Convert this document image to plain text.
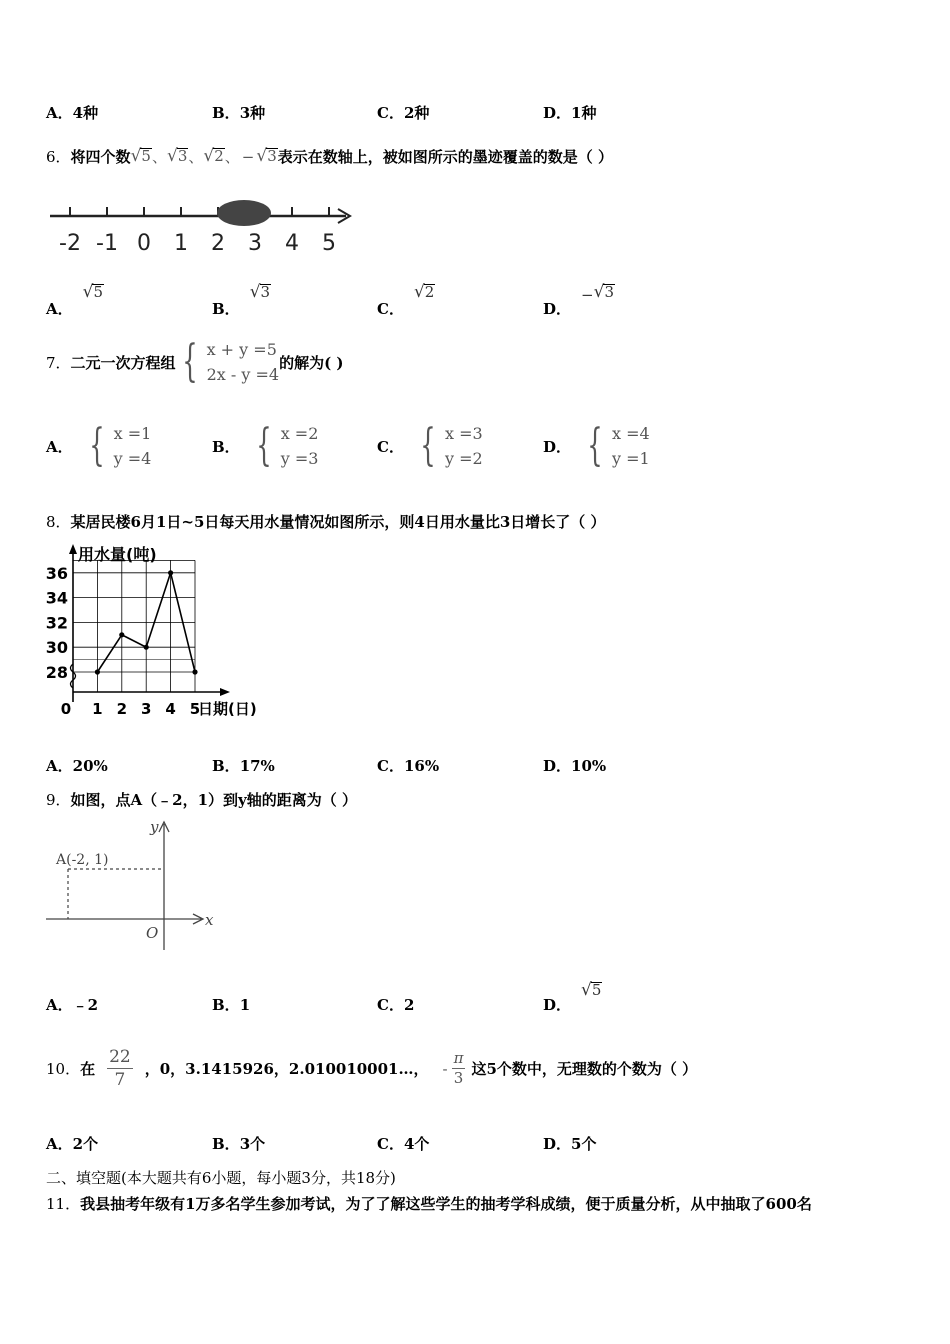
A．4种	B．3种	C．2种	D．1种
6． 将四个数 √ 5 、 √ 3 、 √ 2 、 − √ 3 表示在数轴上，被如图所示的墨迹覆盖的数是（ ）
-2 -1 0 1 2 3 4 5
A．
√ 5
B．
√ 3
C．
√ 2
D．
− √ 3
7． 二元一次方程组 { x + y =5
2x - y =4
的解为( )
A． { x =1
y =4
B． { x =2
y =3
C． { x =3
y =2
D． { x =4
y =1
8．某居民楼6月1日~5日每天用水量情况如图所示，则4日用水量比3日增长了（ ）
用水量(吨)
0	日期(日)
28
30
32
34
36
1 2 3 4 5
A．20%	B．17%	C．16%	D．10%
9．如图，点A（﹣2，1）到y轴的距离为（ ）
y
x
O
A(-2, 1)
A．﹣2	B．1	C．2	D．
√ 5
10． 在 $\frac{22}{7}$ ，0，3.1415926，2.010010001…， - $\frac{\pi}{3}$ 这5个数中，无理数的个数为（ ）
A．2个	B．3个	C．4个	D．5个
二、填空题(本大题共有6小题，每小题3分，共18分)
11．我县抽考年级有1万多名学生参加考试，为了了解这些学生的抽考学科成绩，便于质量分析，从中抽取了600名
